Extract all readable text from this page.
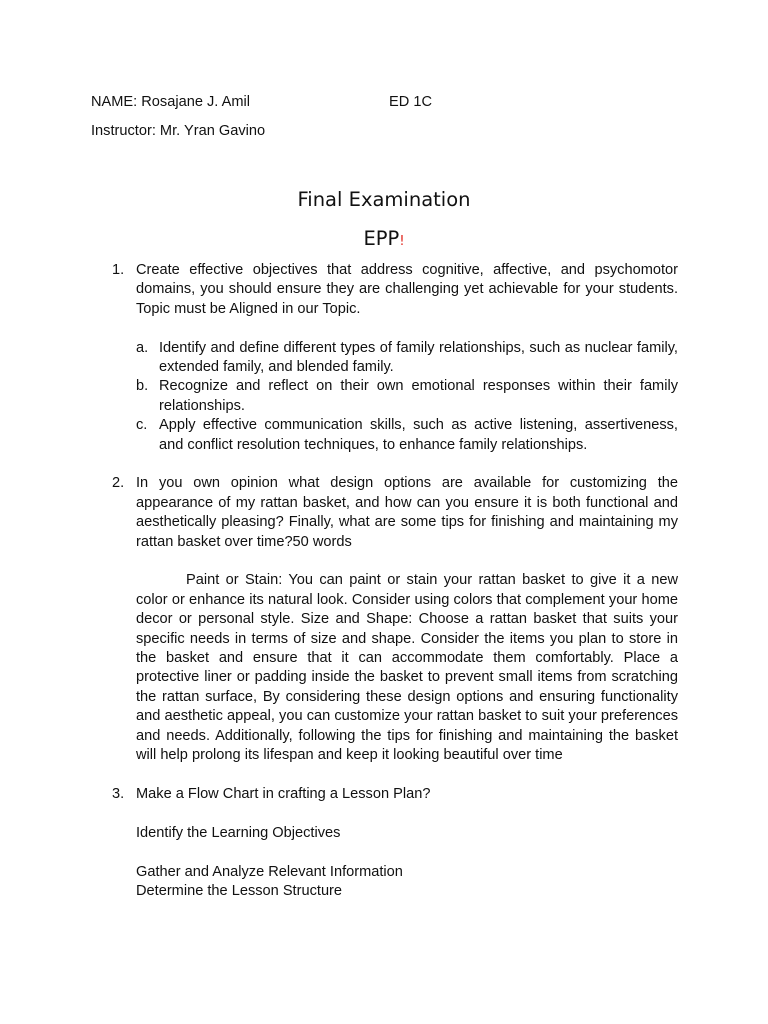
NAME: Rosajane J. Amil	ED 1C
Instructor: Mr. Yran Gavino
Final Examination
EPP!
1. Create effective objectives that address cognitive, affective, and psychomotor domains, you should ensure they are challenging yet achievable for your students. Topic must be Aligned in our Topic.

a. Identify and define different types of family relationships, such as nuclear family, extended family, and blended family.

b. Recognize and reflect on their own emotional responses within their family relationships.

c. Apply effective communication skills, such as active listening, assertiveness, and conflict resolution techniques, to enhance family relationships.

2. In you own opinion what design options are available for customizing the appearance of my rattan basket, and how can you ensure it is both functional and aesthetically pleasing? Finally, what are some tips for finishing and maintaining my rattan basket over time?50 words

Paint or Stain: You can paint or stain your rattan basket to give it a new color or enhance its natural look. Consider using colors that complement your home decor or personal style. Size and Shape: Choose a rattan basket that suits your specific needs in terms of size and shape. Consider the items you plan to store in the basket and ensure that it can accommodate them comfortably. Place a protective liner or padding inside the basket to prevent small items from scratching the rattan surface, By considering these design options and ensuring functionality and aesthetic appeal, you can customize your rattan basket to suit your preferences and needs. Additionally, following the tips for finishing and maintaining the basket will help prolong its lifespan and keep it looking beautiful over time

3. Make a Flow Chart in crafting a Lesson Plan?

Identify the Learning Objectives

Gather and Analyze Relevant Information

Determine the Lesson Structure
